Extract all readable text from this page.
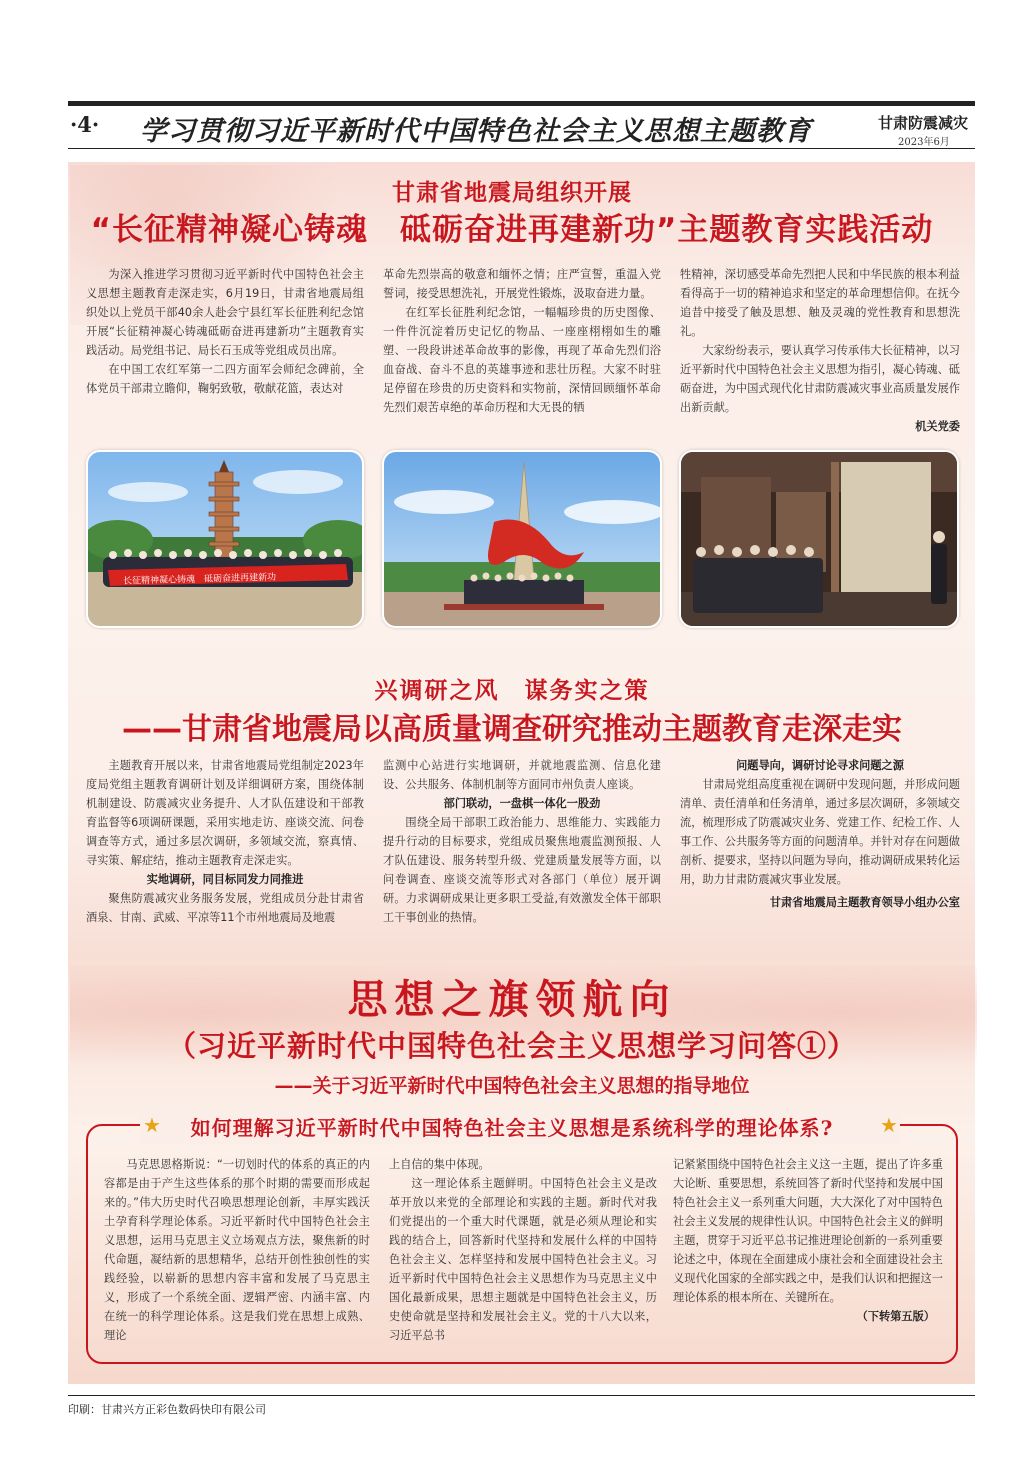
·4· 学习贯彻习近平新时代中国特色社会主义思想主题教育	甘肃防震减灾
2023年6月
甘肃省地震局组织开展
“长征精神凝心铸魂　砥砺奋进再建新功”主题教育实践活动

为深入推进学习贯彻习近平新时代中国特色社会主义思想主题教育走深走实，6月19日，甘肃省地震局组织处以上党员干部40余人赴会宁县红军长征胜利纪念馆开展“长征精神凝心铸魂砥砺奋进再建新功”主题教育实践活动。局党组书记、局长石玉成等党组成员出席。

在中国工农红军第一二四方面军会师纪念碑前，全体党员干部肃立瞻仰，鞠躬致敬，敬献花篮，表达对

革命先烈崇高的敬意和缅怀之情；庄严宣誓，重温入党誓词，接受思想洗礼，开展党性锻炼，汲取奋进力量。

在红军长征胜利纪念馆，一幅幅珍贵的历史图像、一件件沉淀着历史记忆的物品、一座座栩栩如生的雕塑、一段段讲述革命故事的影像，再现了革命先烈们浴血奋战、奋斗不息的英雄事迹和悲壮历程。大家不时驻足停留在珍贵的历史资料和实物前，深情回顾缅怀革命先烈们艰苦卓绝的革命历程和大无畏的牺

牲精神，深切感受革命先烈把人民和中华民族的根本利益看得高于一切的精神追求和坚定的革命理想信仰。在抚今追昔中接受了触及思想、触及灵魂的党性教育和思想洗礼。

大家纷纷表示，要认真学习传承伟大长征精神，以习近平新时代中国特色社会主义思想为指引，凝心铸魂、砥砺奋进，为中国式现代化甘肃防震减灾事业高质量发展作出新贡献。

机关党委

长征精神凝心铸魂　砥砺奋进再建新功
兴调研之风　谋务实之策
——甘肃省地震局以高质量调查研究推动主题教育走深走实

主题教育开展以来，甘肃省地震局党组制定2023年度局党组主题教育调研计划及详细调研方案，围绕体制机制建设、防震减灾业务提升、人才队伍建设和干部教育监督等6项调研课题，采用实地走访、座谈交流、问卷调查等方式，通过多层次调研，多领域交流，察真情、寻实策、解症结，推动主题教育走深走实。

实地调研，同目标同发力同推进

聚焦防震减灾业务服务发展，党组成员分赴甘肃省酒泉、甘南、武威、平凉等11个市州地震局及地震

监测中心站进行实地调研，并就地震监测、信息化建设、公共服务、体制机制等方面同市州负责人座谈。

部门联动，一盘棋一体化一股劲

围绕全局干部职工政治能力、思维能力、实践能力提升行动的目标要求，党组成员聚焦地震监测预报、人才队伍建设、服务转型升级、党建质量发展等方面，以问卷调查、座谈交流等形式对各部门（单位）展开调研。力求调研成果让更多职工受益,有效激发全体干部职工干事创业的热情。

问题导向，调研讨论寻求问题之源

甘肃局党组高度重视在调研中发现问题，并形成问题清单、责任清单和任务清单，通过多层次调研，多领域交流，梳理形成了防震减灾业务、党建工作、纪检工作、人事工作、公共服务等方面的问题清单。并针对存在问题做剖析、提要求，坚持以问题为导向，推动调研成果转化运用，助力甘肃防震减灾事业发展。

甘肃省地震局主题教育领导小组办公室

思想之旗领航向
（习近平新时代中国特色社会主义思想学习问答①）
——关于习近平新时代中国特色社会主义思想的指导地位
如何理解习近平新时代中国特色社会主义思想是系统科学的理论体系?
★	★

马克思恩格斯说：“一切划时代的体系的真正的内容都是由于产生这些体系的那个时期的需要而形成起来的。”伟大历史时代召唤思想理论创新，丰厚实践沃土孕育科学理论体系。习近平新时代中国特色社会主义思想，运用马克思主义立场观点方法，聚焦新的时代命题，凝结新的思想精华，总结开创性独创性的实践经验，以崭新的思想内容丰富和发展了马克思主义，形成了一个系统全面、逻辑严密、内涵丰富、内在统一的科学理论体系。这是我们党在思想上成熟、理论

上自信的集中体现。

这一理论体系主题鲜明。中国特色社会主义是改革开放以来党的全部理论和实践的主题。新时代对我们党提出的一个重大时代课题，就是必须从理论和实践的结合上，回答新时代坚持和发展什么样的中国特色社会主义、怎样坚持和发展中国特色社会主义。习近平新时代中国特色社会主义思想作为马克思主义中国化最新成果，思想主题就是中国特色社会主义，历史使命就是坚持和发展社会主义。党的十八大以来，习近平总书

记紧紧围绕中国特色社会主义这一主题，提出了许多重大论断、重要思想，系统回答了新时代坚持和发展中国特色社会主义一系列重大问题，大大深化了对中国特色社会主义发展的规律性认识。中国特色社会主义的鲜明主题，贯穿于习近平总书记推进理论创新的一系列重要论述之中，体现在全面建成小康社会和全面建设社会主义现代化国家的全部实践之中，是我们认识和把握这一理论体系的根本所在、关键所在。

（下转第五版）

印刷：甘肃兴方正彩色数码快印有限公司
